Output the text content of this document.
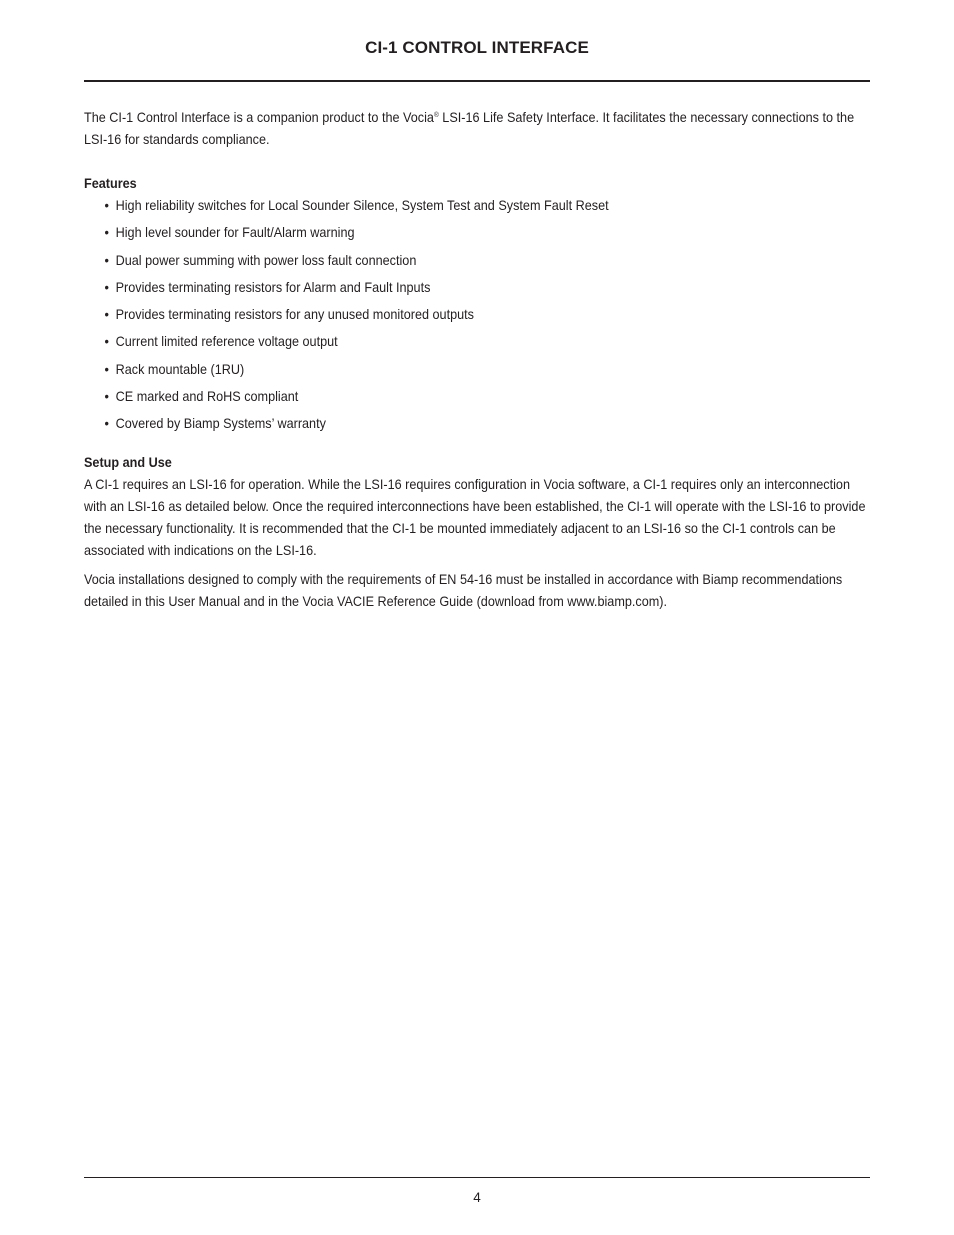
CI-1 CONTROL INTERFACE

The CI-1 Control Interface is a companion product to the Vocia® LSI-16 Life Safety Interface. It facilitates the necessary connections to the LSI-16 for standards compliance.

Features
• High reliability switches for Local Sounder Silence, System Test and System Fault Reset
• High level sounder for Fault/Alarm warning
• Dual power summing with power loss fault connection
• Provides terminating resistors for Alarm and Fault Inputs
• Provides terminating resistors for any unused monitored outputs
• Current limited reference voltage output
• Rack mountable (1RU)
• CE marked and RoHS compliant
• Covered by Biamp Systems’ warranty
Setup and Use

A CI-1 requires an LSI-16 for operation. While the LSI-16 requires configuration in Vocia software, a CI-1 requires only an interconnection with an LSI-16 as detailed below. Once the required interconnections have been established, the CI-1 will operate with the LSI-16 to provide the necessary functionality. It is recommended that the CI-1 be mounted immediately adjacent to an LSI-16 so the CI-1 controls can be associated with indications on the LSI-16.

Vocia installations designed to comply with the requirements of EN 54-16 must be installed in accordance with Biamp recommendations detailed in this User Manual and in the Vocia VACIE Reference Guide (download from www.biamp.com).

4
